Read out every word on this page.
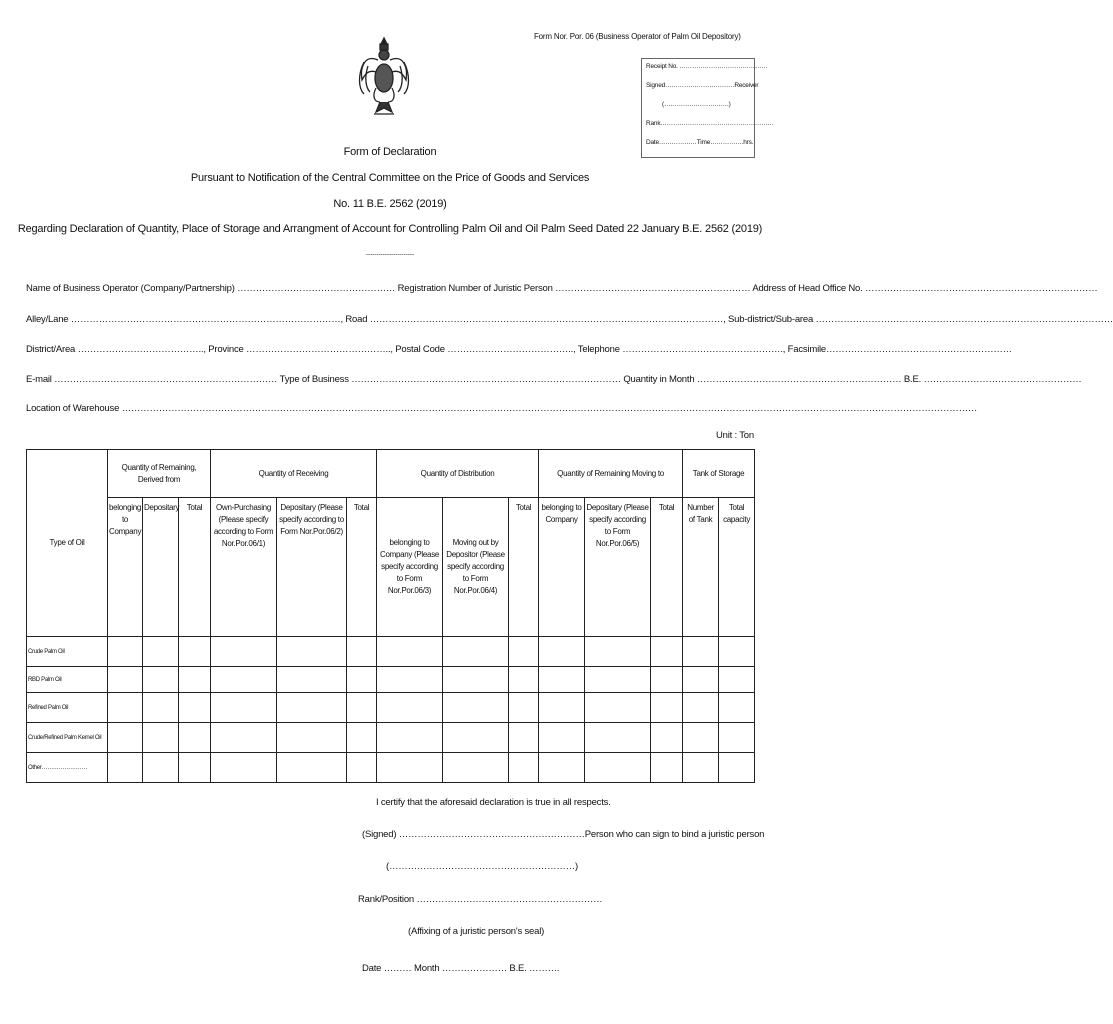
Form Nor. Por. 06 (Business Operator of Palm Oil Depository)
Receipt No. ……………………………………
Signed……………………………Receiver
(………………………….)
Rank………………………………………………
Date………………Time…………….hrs.
Form of Declaration
Pursuant to Notification of the Central Committee on the Price of Goods and Services
No. 11 B.E. 2562 (2019)
Regarding Declaration of Quantity, Place of Storage and Arrangment of Account for Controlling Palm Oil and Oil Palm Seed Dated 22 January B.E. 2562 (2019)
-----------------------
Name of Business Operator (Company/Partnership) …………………………………………… Registration Number of Juristic Person ……………………………………………………… Address of Head Office No. …………………………………………………………………
Alley/Lane ……………………………………………………………………………, Road ……………………………………………………………………………………………………, Sub-district/Sub-area ……………………………………………………………………………………
District/Area ………………………………….., Province ……………………………………….., Postal Code ………………………………….., Telephone ……………………………………………., Facsimile……………………………………………………
E-mail ……………………………………………………………… Type of Business …………………………………………………………………………… Quantity in Month ………………………………………………………… B.E. ……………………………………………
Location of Warehouse ……………………………………………………………………………………………………………………………………………………………………………………………………………………………………………………
Unit : Ton
Type of Oil	Quantity of Remaining, Derived from			Quantity of Receiving			Quantity of Distribution			Quantity of Remaining Moving to			Tank of Storage	
	belonging to Company	Depositary	Total	Own-Purchasing (Please specify according to Form Nor.Por.06/1)	Depositary (Please specify according to Form Nor.Por.06/2)	Total	belonging to Company (Please specify according to Form Nor.Por.06/3)	Moving out by Depositor (Please specify according to Form Nor.Por.06/4)	Total	belonging to Company	Depositary (Please specify according to Form Nor.Por.06/5)	Total	Number of Tank	Total capacity
Crude Palm Oil														
RBD Palm Oil														
Refined Palm Oil														
Crude/Refined Palm Kernel Oil														
Other……………………														
I certify that the aforesaid declaration is true in all respects.
(Signed) ……………………………………………………Person who can sign to bind a juristic person
(……………………………………………………)
Rank/Position ……………………………………………………
(Affixing of a juristic person's seal)
Date ……… Month ………………… B.E. ……….
